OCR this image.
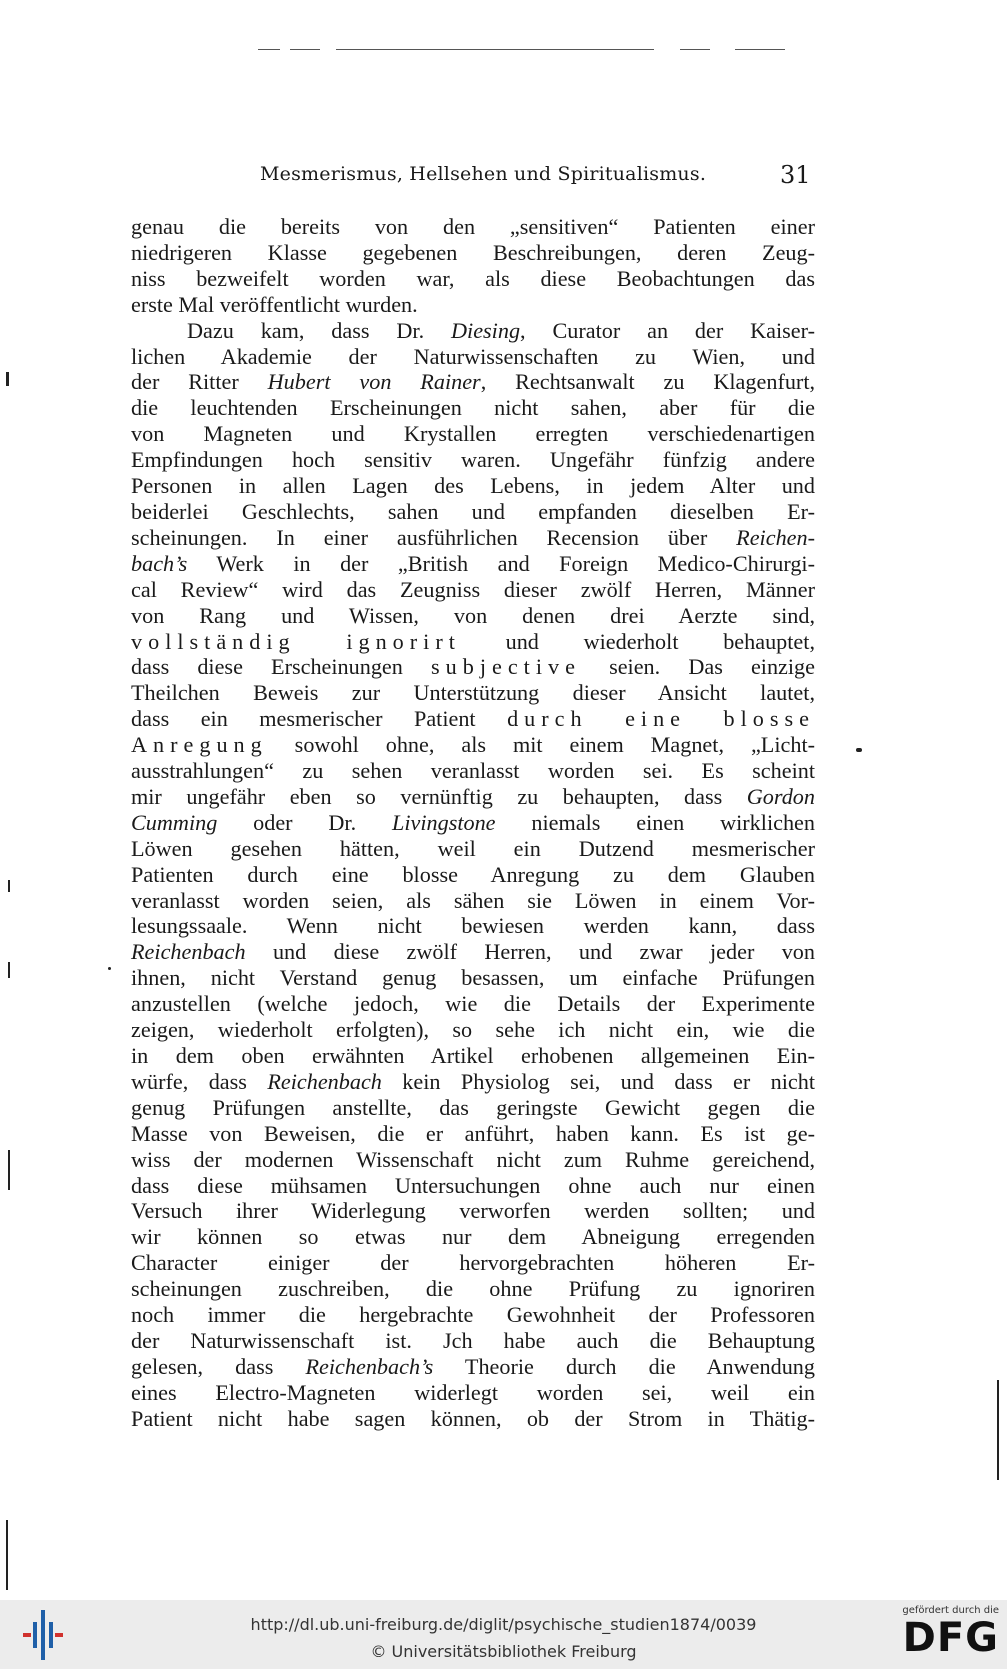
Mesmerismus, Hellsehen und Spiritualismus.	31
genau die bereits von den „sensitiven“ Patienten einer
niedrigeren Klasse gegebenen Beschreibungen, deren Zeug-
niss bezweifelt worden war, als diese Beobachtungen das
erste Mal veröffentlicht wurden.
Dazu kam, dass Dr. Diesing, Curator an der Kaiser-
lichen Akademie der Naturwissenschaften zu Wien, und
der Ritter Hubert von Rainer, Rechtsanwalt zu Klagenfurt,
die leuchtenden Erscheinungen nicht sahen, aber für die
von Magneten und Krystallen erregten verschiedenartigen
Empfindungen hoch sensitiv waren. Ungefähr fünfzig andere
Personen in allen Lagen des Lebens, in jedem Alter und
beiderlei Geschlechts, sahen und empfanden dieselben Er-
scheinungen. In einer ausführlichen Recension über Reichen-
bach’s Werk in der „British and Foreign Medico-Chirurgi-
cal Review“ wird das Zeugniss dieser zwölf Herren, Männer
von Rang und Wissen, von denen drei Aerzte sind,
vollständig ignorirt und wiederholt behauptet,
dass diese Erscheinungen subjective seien. Das einzige
Theilchen Beweis zur Unterstützung dieser Ansicht lautet,
dass ein mesmerischer Patient durch eine blosse
Anregung sowohl ohne, als mit einem Magnet, „Licht-
ausstrahlungen“ zu sehen veranlasst worden sei. Es scheint
mir ungefähr eben so vernünftig zu behaupten, dass Gordon
Cumming oder Dr. Livingstone niemals einen wirklichen
Löwen gesehen hätten, weil ein Dutzend mesmerischer
Patienten durch eine blosse Anregung zu dem Glauben
veranlasst worden seien, als sähen sie Löwen in einem Vor-
lesungssaale. Wenn nicht bewiesen werden kann, dass
Reichenbach und diese zwölf Herren, und zwar jeder von
ihnen, nicht Verstand genug besassen, um einfache Prüfungen
anzustellen (welche jedoch, wie die Details der Experimente
zeigen, wiederholt erfolgten), so sehe ich nicht ein, wie die
in dem oben erwähnten Artikel erhobenen allgemeinen Ein-
würfe, dass Reichenbach kein Physiolog sei, und dass er nicht
genug Prüfungen anstellte, das geringste Gewicht gegen die
Masse von Beweisen, die er anführt, haben kann. Es ist ge-
wiss der modernen Wissenschaft nicht zum Ruhme gereichend,
dass diese mühsamen Untersuchungen ohne auch nur einen
Versuch ihrer Widerlegung verworfen werden sollten; und
wir können so etwas nur dem Abneigung erregenden
Character einiger der hervorgebrachten höheren Er-
scheinungen zuschreiben, die ohne Prüfung zu ignoriren
noch immer die hergebrachte Gewohnheit der Professoren
der Naturwissenschaft ist. Jch habe auch die Behauptung
gelesen, dass Reichenbach’s Theorie durch die Anwendung
eines Electro-Magneten widerlegt worden sei, weil ein
Patient nicht habe sagen können, ob der Strom in Thätig-
http://dl.ub.uni-freiburg.de/diglit/psychische_studien1874/0039
© Universitätsbibliothek Freiburg
gefördert durch die
DFG
